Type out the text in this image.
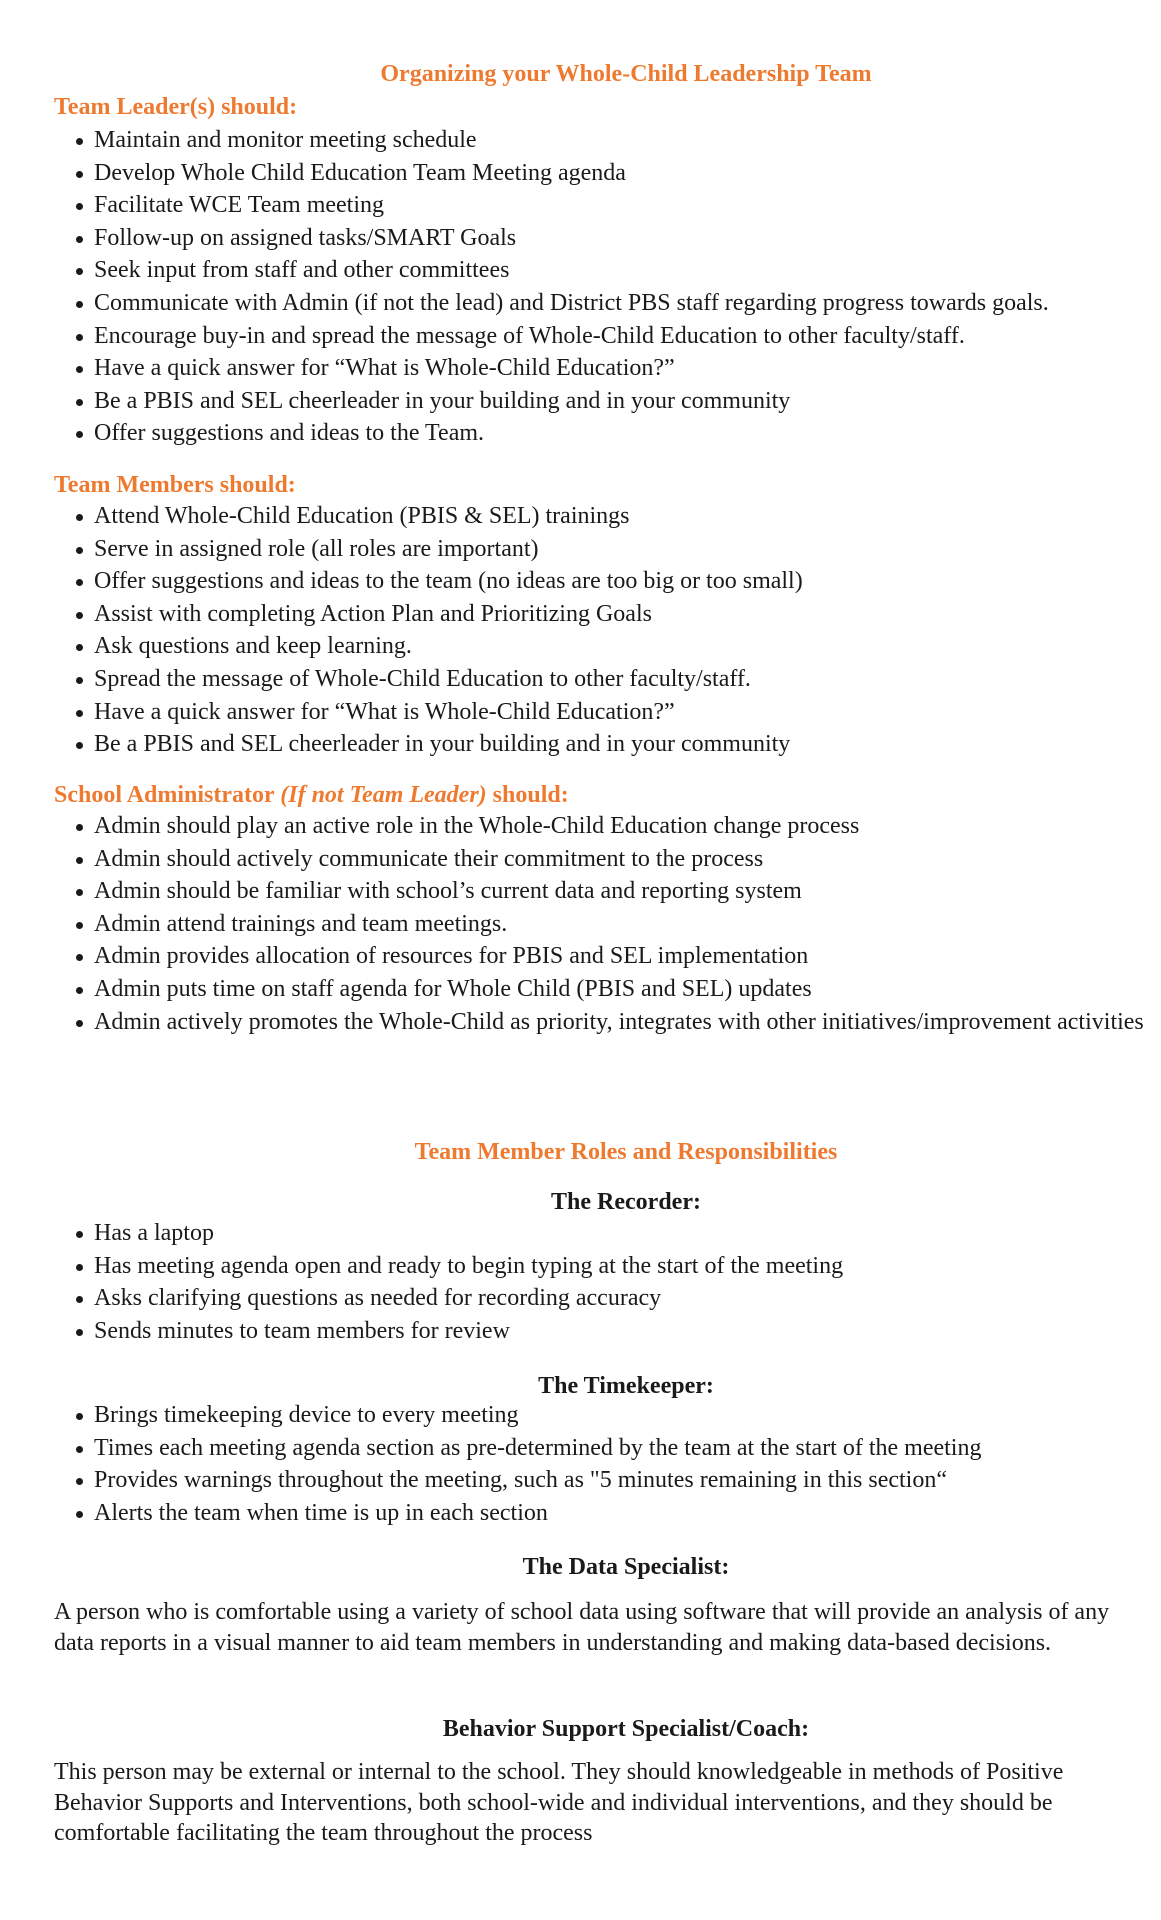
Organizing your Whole-Child Leadership Team
Team Leader(s) should:
Maintain and monitor meeting schedule
Develop Whole Child Education Team Meeting agenda
Facilitate WCE Team meeting
Follow-up on assigned tasks/SMART Goals
Seek input from staff and other committees
Communicate with Admin (if not the lead) and District PBS staff regarding progress towards goals.
Encourage buy-in and spread the message of Whole-Child Education to other faculty/staff.
Have a quick answer for “What is Whole-Child Education?”
Be a PBIS and SEL cheerleader in your building and in your community
Offer suggestions and ideas to the Team.
Team Members should:
Attend Whole-Child Education (PBIS & SEL) trainings
Serve in assigned role (all roles are important)
Offer suggestions and ideas to the team (no ideas are too big or too small)
Assist with completing Action Plan and Prioritizing Goals
Ask questions and keep learning.
Spread the message of Whole-Child Education to other faculty/staff.
Have a quick answer for “What is Whole-Child Education?”
Be a PBIS and SEL cheerleader in your building and in your community
School Administrator (If not Team Leader) should:
Admin should play an active role in the Whole-Child Education change process
Admin should actively communicate their commitment to the process
Admin should be familiar with school’s current data and reporting system
Admin attend trainings and team meetings.
Admin provides allocation of resources for PBIS and SEL implementation
Admin puts time on staff agenda for Whole Child (PBIS and SEL) updates
Admin actively promotes the Whole-Child as priority, integrates with other initiatives/improvement activities
Team Member Roles and Responsibilities
The Recorder:
Has a laptop
Has meeting agenda open and ready to begin typing at the start of the meeting
Asks clarifying questions as needed for recording accuracy
Sends minutes to team members for review
The Timekeeper:
Brings timekeeping device to every meeting
Times each meeting agenda section as pre-determined by the team at the start of the meeting
Provides warnings throughout the meeting, such as "5 minutes remaining in this section“
Alerts the team when time is up in each section
The Data Specialist:
A person who is comfortable using a variety of school data using software that will provide an analysis of any data reports in a visual manner to aid team members in understanding and making data-based decisions.
Behavior Support Specialist/Coach:
This person may be external or internal to the school. They should knowledgeable in methods of Positive Behavior Supports and Interventions, both school-wide and individual interventions, and they should be comfortable facilitating the team throughout the process
